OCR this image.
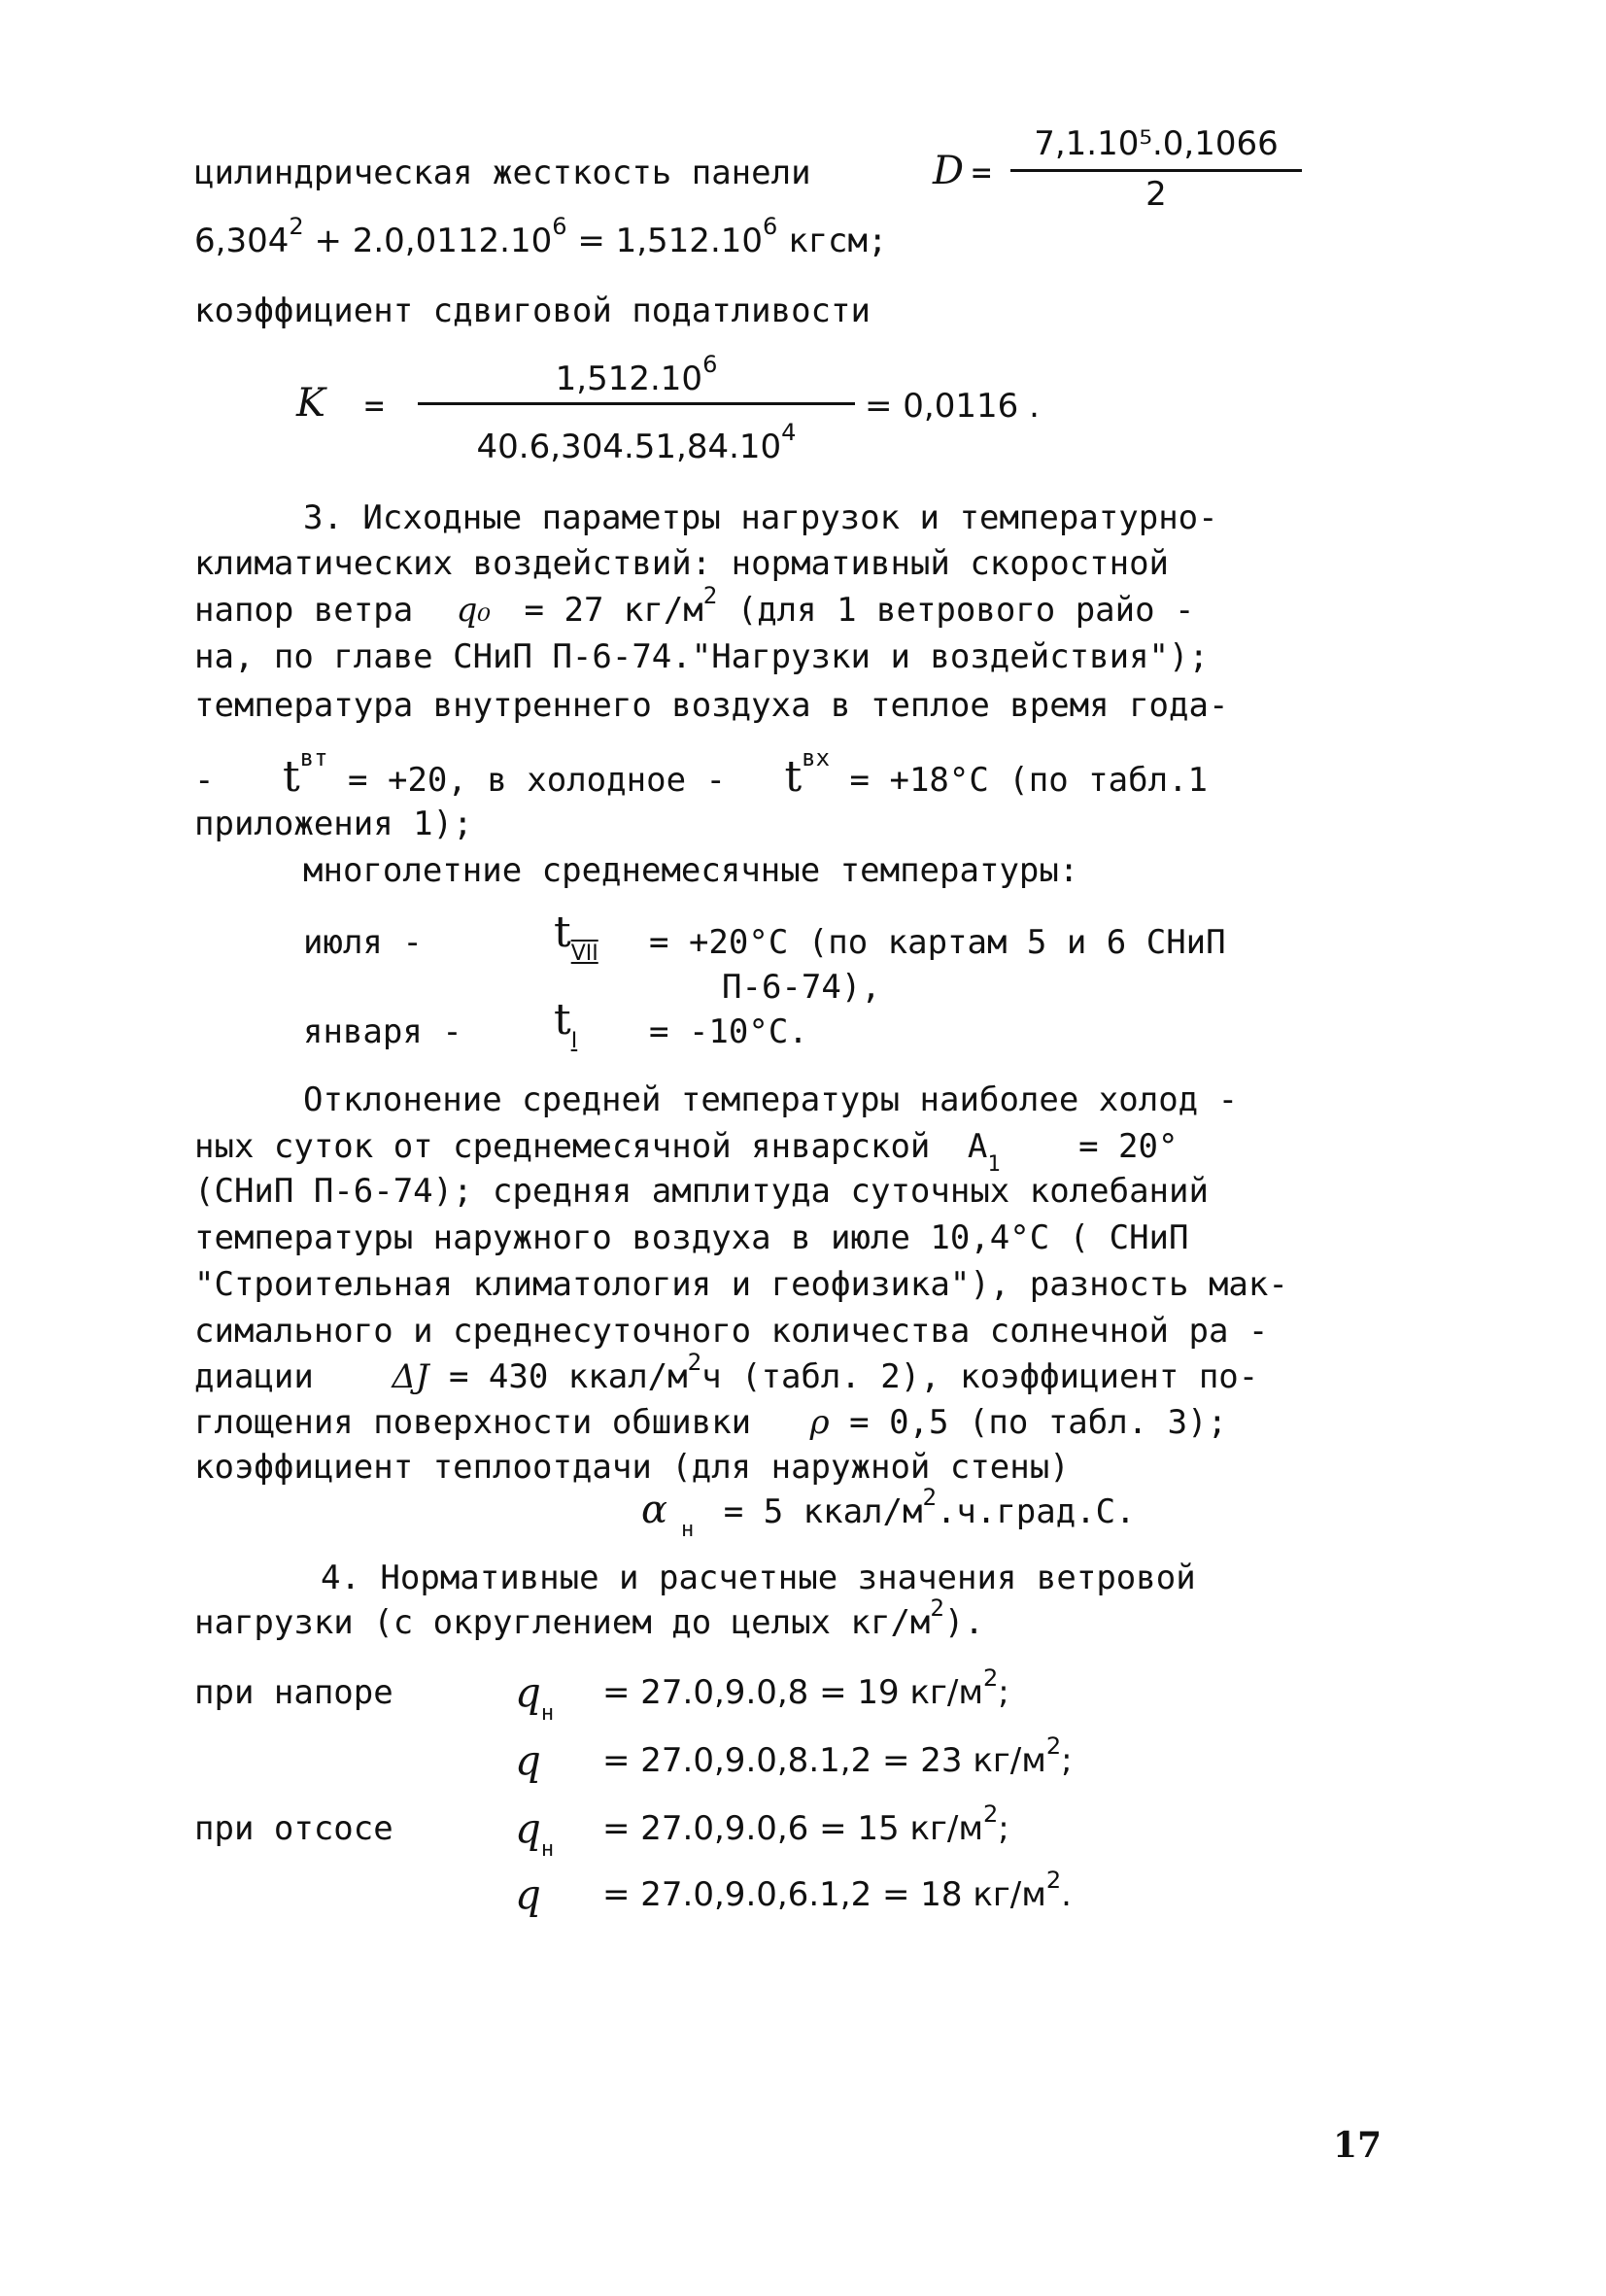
цилиндрическая жесткость панели	D =
7,1.10⁵.0,1066
2
$6,304^2 + 2.0,0112.10^6 = 1,512.10^6$ кгсм;
коэффициент сдвиговой податливости
K =
$1,512.10^6$
$40.6,304.51,84.10^4$
= 0,0116 .
3. Исходные параметры нагрузок и температурно-
климатических воздействий: нормативный скоростной
напор ветра q₀ = 27 $кг/м^2$ (для 1 ветрового райо -
на, по главе СНиП П-6-74."Нагрузки и воздействия");
температура внутреннего воздуха в теплое время года-
- $t^{вт} = +20$, в холодное - $t^{вх} = +18^\circ С$ (по табл.1
приложения 1);
многолетние среднемесячные температуры:
июля -	$t_{VII} = +20^\circ С$ (по картам 5 и 6 СНиП
П-6-74),
января - $t_I = -10^\circ С$.
Отклонение средней температуры наиболее холод -
ных суток от среднемесячной январской $A_1 = 20^\circ$
(СНиП П-6-74); средняя амплитуда суточных колебаний
температуры наружного воздуха в июле 10,4°С ( СНиП
"Строительная климатология и геофизика"), разность мак-
симального и среднесуточного количества солнечной ра -
диации ΔJ = 430 ккал/$м^2ч$ (табл. 2), коэффициент по-
глощения поверхности обшивки ρ = 0,5 (по табл. 3);
коэффициент теплоотдачи (для наружной стены)
α $_н$ = 5 ккал/$м^2.ч.град.С$.
4. Нормативные и расчетные значения ветровой
нагрузки (с округлением до целых $кг/м^2$).
при напоре
при отсосе
$q_н$
= 27.0,9.0,8 = 19 $кг/м^2$;
q = 27.0,9.0,8.1,2 = 23 $кг/м^2$;
$q_н$
= 27.0,9.0,6 = 15 $кг/м^2$;
q = 27.0,9.0,6.1,2 = 18 $кг/м^2$.
17
